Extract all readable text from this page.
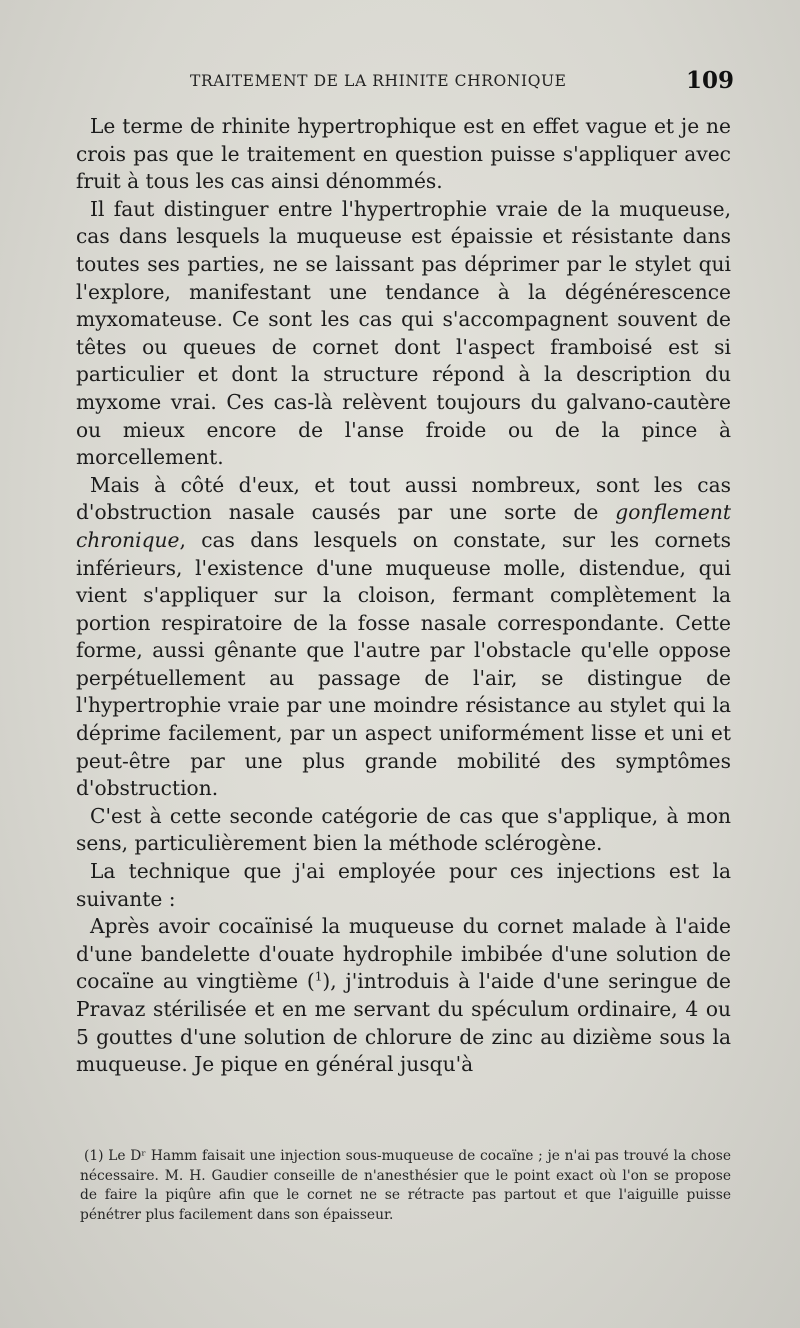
TRAITEMENT DE LA RHINITE CHRONIQUE	109

Le terme de rhinite hypertrophique est en effet vague et je ne crois pas que le traitement en question puisse s'appliquer avec fruit à tous les cas ainsi dénommés.

Il faut distinguer entre l'hypertrophie vraie de la muqueuse, cas dans lesquels la muqueuse est épaissie et résistante dans toutes ses parties, ne se laissant pas déprimer par le stylet qui l'explore, manifestant une tendance à la dégénérescence myxomateuse. Ce sont les cas qui s'accompagnent souvent de têtes ou queues de cornet dont l'aspect framboisé est si particulier et dont la structure répond à la description du myxome vrai. Ces cas-là relèvent toujours du galvano-cautère ou mieux encore de l'anse froide ou de la pince à morcellement.

Mais à côté d'eux, et tout aussi nombreux, sont les cas d'obstruction nasale causés par une sorte de gonflement chronique, cas dans lesquels on constate, sur les cornets inférieurs, l'existence d'une muqueuse molle, distendue, qui vient s'appliquer sur la cloison, fermant complètement la portion respiratoire de la fosse nasale correspondante. Cette forme, aussi gênante que l'autre par l'obstacle qu'elle oppose perpétuellement au passage de l'air, se distingue de l'hypertrophie vraie par une moindre résistance au stylet qui la déprime facilement, par un aspect uniformément lisse et uni et peut-être par une plus grande mobilité des symptômes d'obstruction.

C'est à cette seconde catégorie de cas que s'applique, à mon sens, particulièrement bien la méthode sclérogène.

La technique que j'ai employée pour ces injections est la suivante :

Après avoir cocaïnisé la muqueuse du cornet malade à l'aide d'une bandelette d'ouate hydrophile imbibée d'une solution de cocaïne au vingtième ($^1$), j'introduis à l'aide d'une seringue de Pravaz stérilisée et en me servant du spéculum ordinaire, 4 ou 5 gouttes d'une solution de chlorure de zinc au dizième sous la muqueuse. Je pique en général jusqu'à

(1) Le Dʳ Hamm faisait une injection sous-muqueuse de cocaïne ; je n'ai pas trouvé la chose nécessaire. M. H. Gaudier conseille de n'anesthésier que le point exact où l'on se propose de faire la piqûre afin que le cornet ne se rétracte pas partout et que l'aiguille puisse pénétrer plus facilement dans son épaisseur.
